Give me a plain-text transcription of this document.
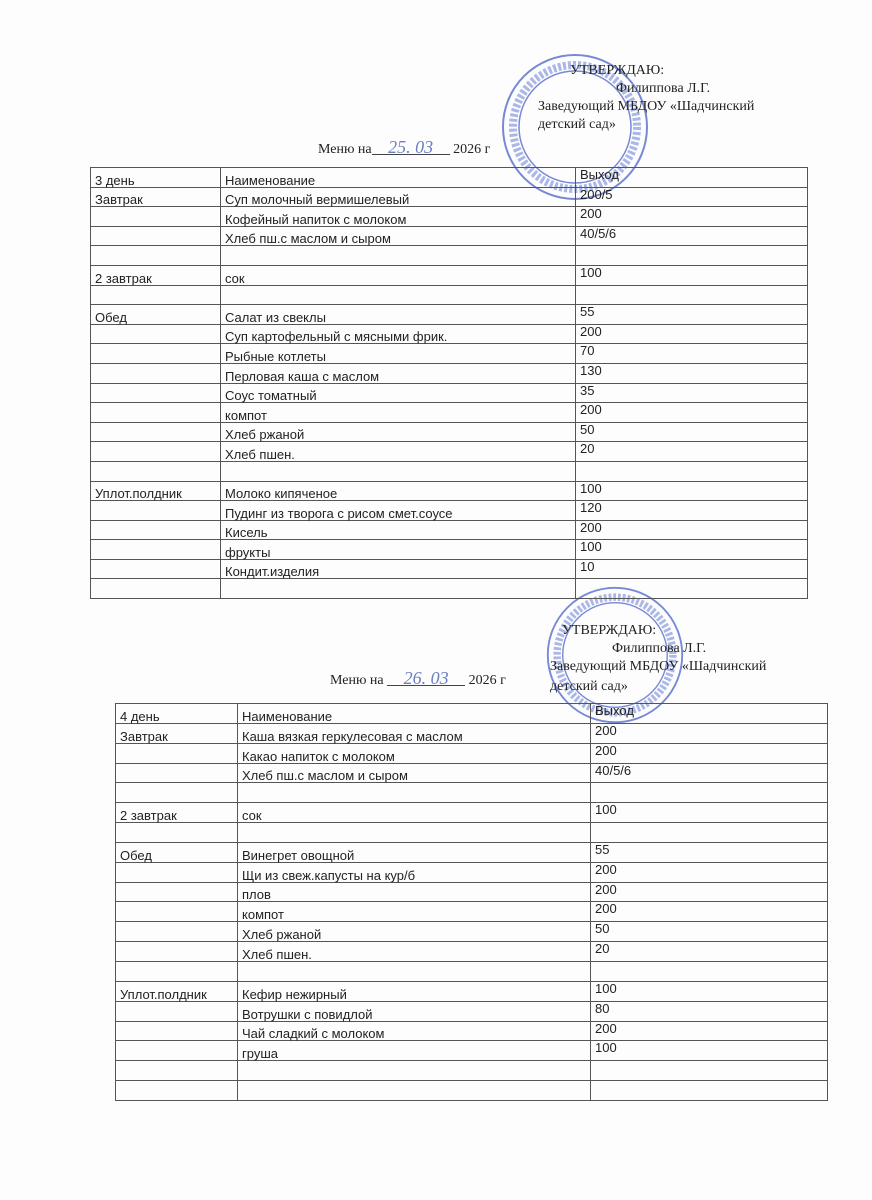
УТВЕРЖДАЮ:
Филиппова Л.Г.
Заведующий МБДОУ «Шадчинский
детский сад»
УТВЕРЖДАЮ:
Филиппова Л.Г.
Заведующий МБДОУ «Шадчинский
детский сад»
Меню на 25. 03 2026 г
Меню на 26. 03 2026 г
3 день	Наименование	Выход
Завтрак	Суп молочный вермишелевый	200/5
	Кофейный напиток с молоком	200
	Хлеб пш.с маслом и сыром	40/5/6

2 завтрак	сок	100

Обед	Салат из свеклы	55
	Суп картофельный с мясными фрик.	200
	Рыбные котлеты	70
	Перловая каша с маслом	130
	Соус томатный	35
	компот	200
	Хлеб ржаной	50
	Хлеб пшен.	20

Уплот.полдник	Молоко кипяченое	100
	Пудинг из творога с рисом смет.соусе	120
	Кисель	200
	фрукты	100
	Кондит.изделия	10

4 день	Наименование	Выход
Завтрак	Каша вязкая геркулесовая с маслом	200
	Какао напиток с молоком	200
	Хлеб пш.с маслом и сыром	40/5/6

2 завтрак	сок	100

Обед	Винегрет овощной	55
	Щи из свеж.капусты на кур/б	200
	плов	200
	компот	200
	Хлеб ржаной	50
	Хлеб пшен.	20

Уплот.полдник	Кефир нежирный	100
	Вотрушки с повидлой	80
	Чай сладкий с молоком	200
	груша	100
